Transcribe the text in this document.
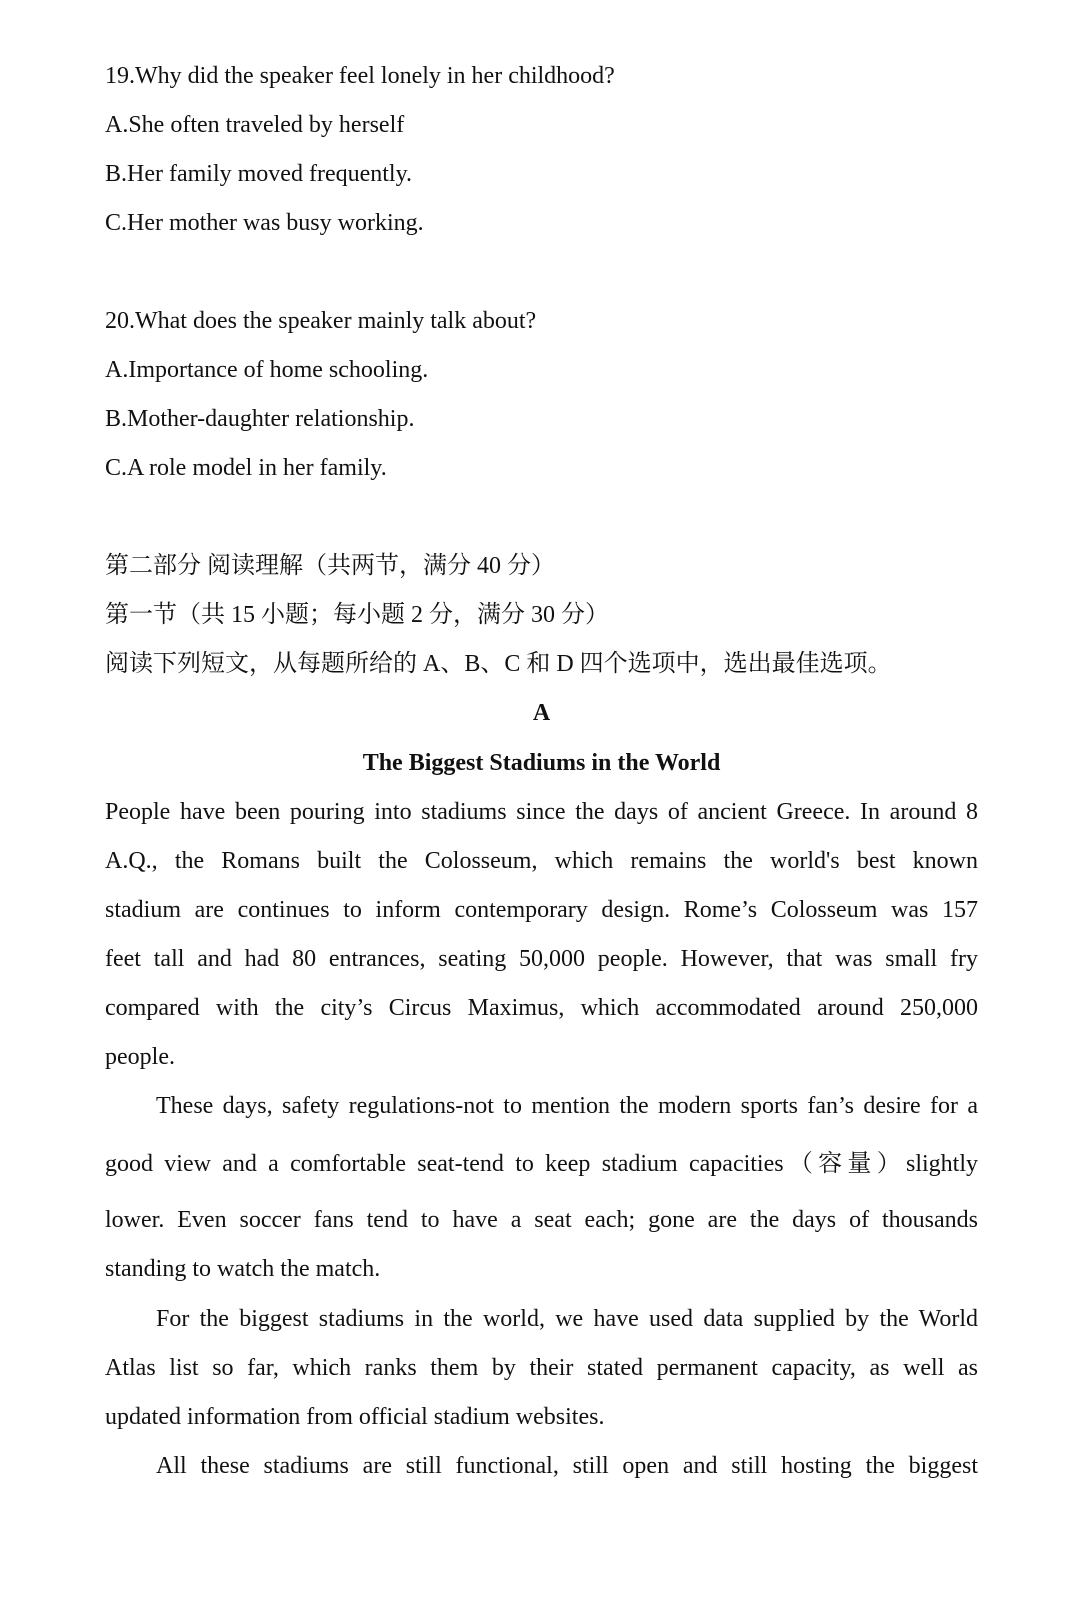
19.Why did the speaker feel lonely in her childhood?
A.She often traveled by herself
B.Her family moved frequently.
C.Her mother was busy working.
20.What does the speaker mainly talk about?
A.Importance of home schooling.
B.Mother-daughter relationship.
C.A role model in her family.
第二部分 阅读理解（共两节，满分 40 分）
第一节（共 15 小题；每小题 2 分，满分 30 分）
阅读下列短文，从每题所给的 A、B、C 和 D 四个选项中，选出最佳选项。
A
The Biggest Stadiums in the World
People have been pouring into stadiums since the days of ancient Greece. In around 8
A.Q., the Romans built the Colosseum, which remains the world's best known
stadium are continues to inform contemporary design. Rome’s Colosseum was 157
feet tall and had 80 entrances, seating 50,000 people. However, that was small fry
compared with the city’s Circus Maximus, which accommodated around 250,000
people.
These days, safety regulations-not to mention the modern sports fan’s desire for a
good view and a comfortable seat-tend to keep stadium capacities（容量）slightly
lower. Even soccer fans tend to have a seat each; gone are the days of thousands
standing to watch the match.
For the biggest stadiums in the world, we have used data supplied by the World
Atlas list so far, which ranks them by their stated permanent capacity, as well as
updated information from official stadium websites.
All these stadiums are still functional, still open and still hosting the biggest
